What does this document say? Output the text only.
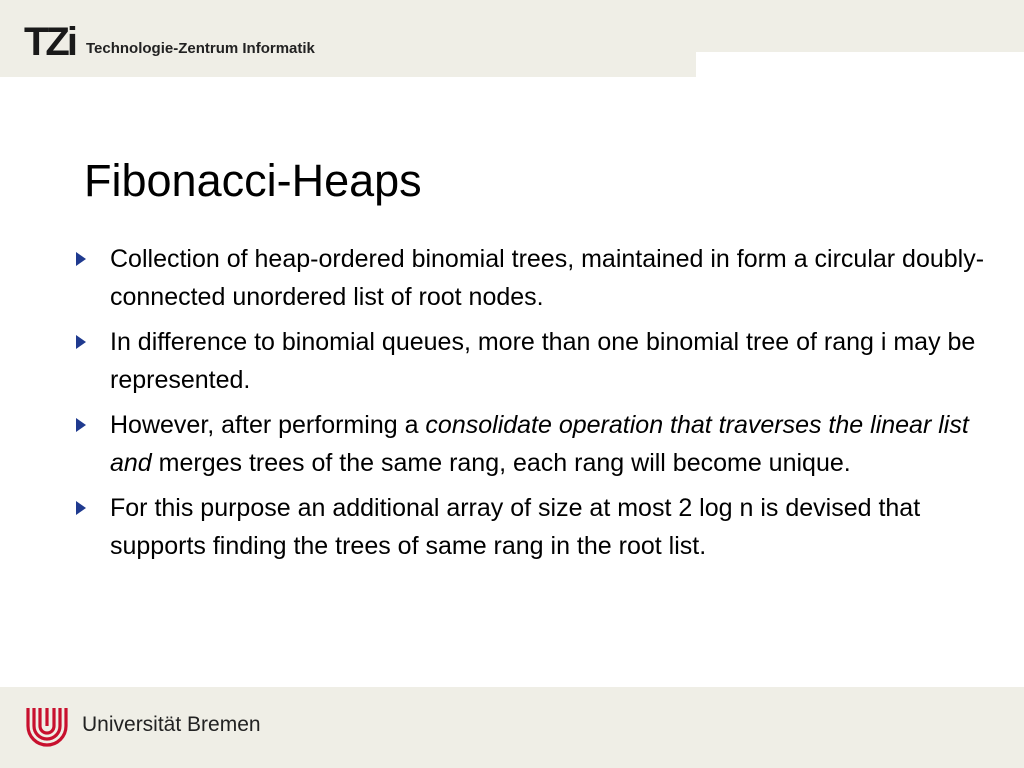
TZi Technologie-Zentrum Informatik
Fibonacci-Heaps
Collection of heap-ordered binomial trees, maintained in form a circular doubly-connected unordered list of root nodes.
In difference to binomial queues, more than one binomial tree of rang i may be represented.
However, after performing a consolidate operation that traverses the linear list and merges trees of the same rang, each rang will become unique.
For this purpose an additional array of size at most 2 log n is devised that supports finding the trees of same rang in the root list.
Universität Bremen
